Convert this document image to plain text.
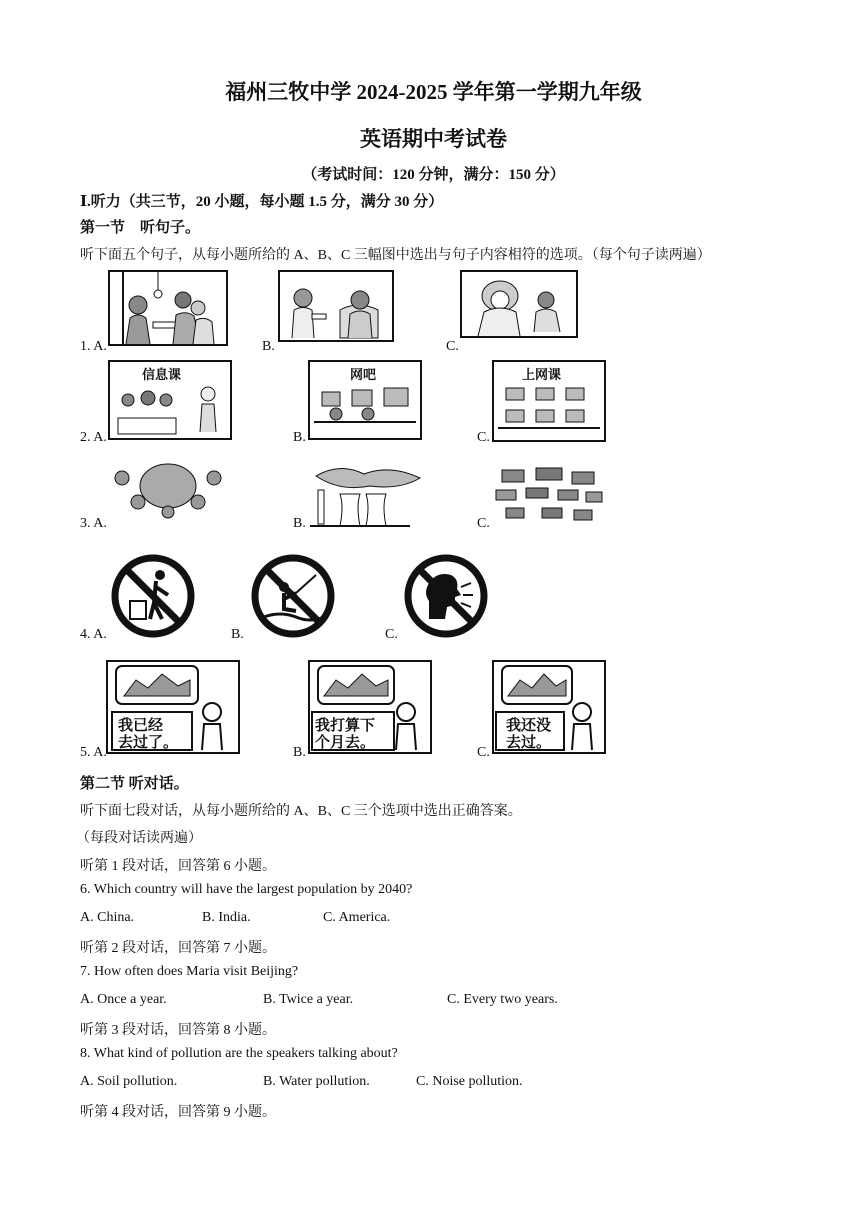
福州三牧中学 2024-2025 学年第一学期九年级
英语期中考试卷
（考试时间：120 分钟，满分：150 分）
Ⅰ.听力（共三节，20 小题，每小题 1.5 分，满分 30 分）
第一节　听句子。
听下面五个句子，从每小题所给的 A、B、C 三幅图中选出与句子内容相符的选项。（每个句子读两遍）
1. A.	B.	C.
2. A.
信息课
B.
网吧
C.
上网课
3. A.	B.	C.
4. A.	B.	C.
5. A.
我已经
去过了。
B.
我打算下
个月去。
C.
我还没
去过。
第二节 听对话。
听下面七段对话，从每小题所给的 A、B、C 三个选项中选出正确答案。
（每段对话读两遍）
听第 1 段对话，回答第 6 小题。
6. Which country will have the largest population by 2040?
A. China.	B. India.	C. America.
听第 2 段对话，回答第 7 小题。
7. How often does Maria visit Beijing?
A. Once a year.	B. Twice a year.	C. Every two years.
听第 3 段对话，回答第 8 小题。
8. What kind of pollution are the speakers talking about?
A. Soil pollution.	B. Water pollution.	C. Noise pollution.
听第 4 段对话，回答第 9 小题。
